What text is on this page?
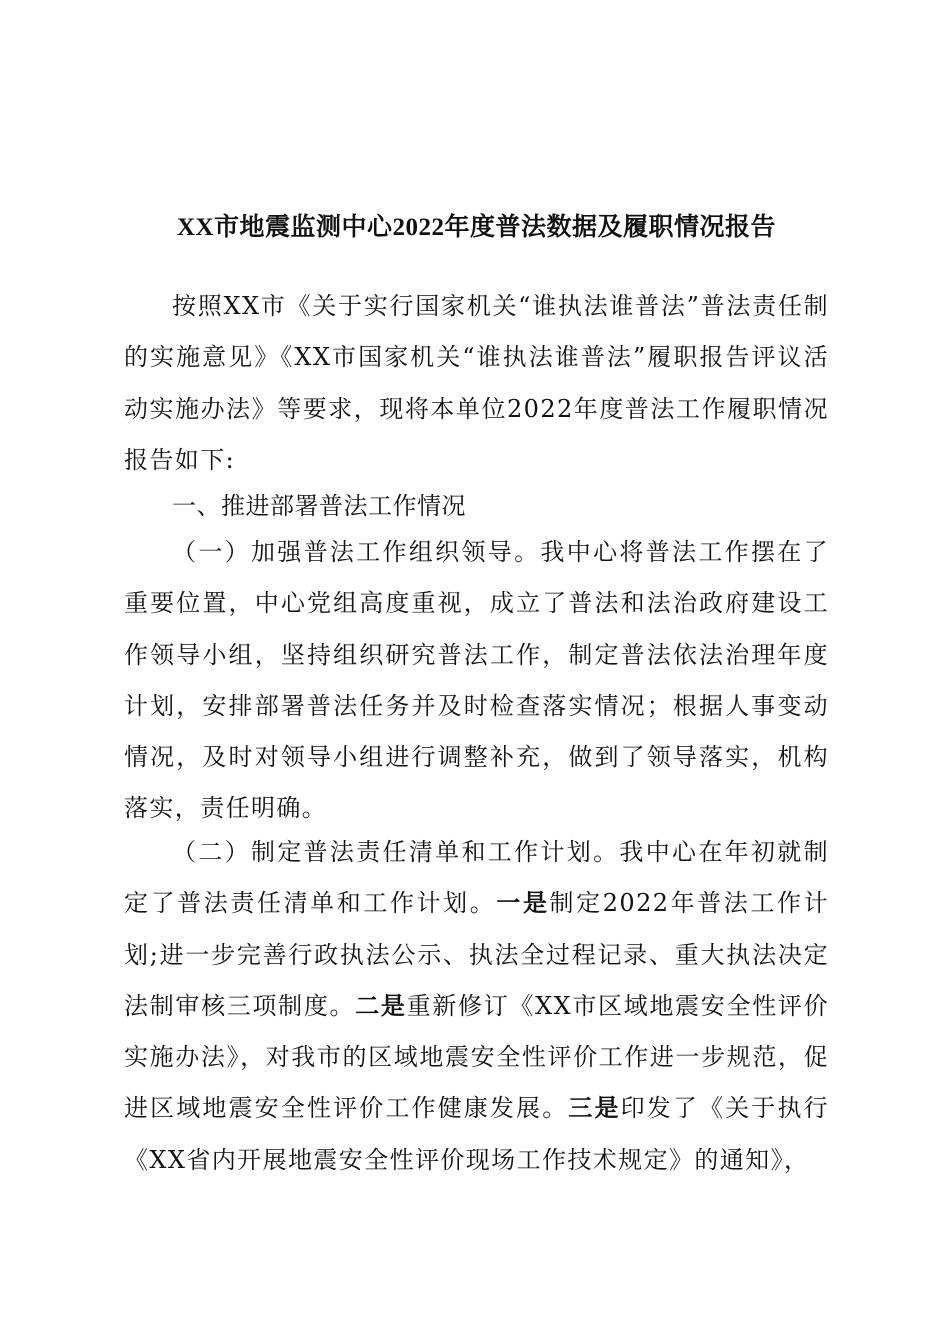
XX市地震监测中心2022年度普法数据及履职情况报告
按照XX市《关于实行国家机关“谁执法谁普法”普法责任制的实施意见》《XX市国家机关“谁执法谁普法”履职报告评议活动实施办法》等要求，现将本单位2022年度普法工作履职情况报告如下:
一、推进部署普法工作情况
（一）加强普法工作组织领导。我中心将普法工作摆在了重要位置，中心党组高度重视，成立了普法和法治政府建设工作领导小组，坚持组织研究普法工作，制定普法依法治理年度计划，安排部署普法任务并及时检查落实情况；根据人事变动情况，及时对领导小组进行调整补充，做到了领导落实，机构落实，责任明确。
（二）制定普法责任清单和工作计划。我中心在年初就制定了普法责任清单和工作计划。一是制定2022年普法工作计划;进一步完善行政执法公示、执法全过程记录、重大执法决定法制审核三项制度。二是重新修订《XX市区域地震安全性评价实施办法》，对我市的区域地震安全性评价工作进一步规范，促进区域地震安全性评价工作健康发展。三是印发了《关于执行《XX省内开展地震安全性评价现场工作技术规定》的通知》，
